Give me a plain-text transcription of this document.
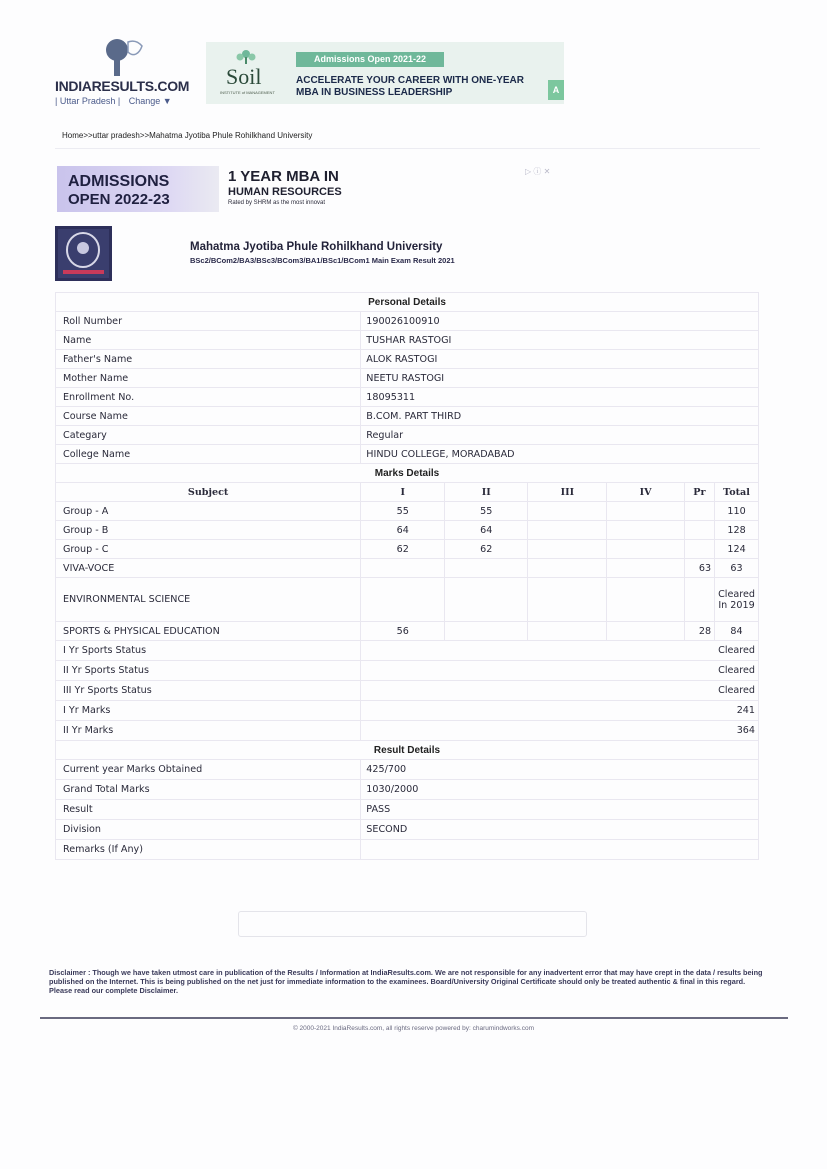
INDIARESULTS.COM
| Uttar Pradesh | Change ▼
Soil
INSTITUTE of MANAGEMENT
Admissions Open 2021-22
ACCELERATE YOUR CAREER WITH ONE-YEAR
MBA IN BUSINESS LEADERSHIP	A
Home>>uttar pradesh>>Mahatma Jyotiba Phule Rohilkhand University
ADMISSIONS
OPEN 2022-23
1 YEAR MBA IN
HUMAN RESOURCES
Rated by SHRM as the most innovat
▷ ⓘ ✕
Mahatma Jyotiba Phule Rohilkhand University
BSc2/BCom2/BA3/BSc3/BCom3/BA1/BSc1/BCom1 Main Exam Result 2021
Personal Details						
Roll Number	190026100910					
Name	TUSHAR RASTOGI					
Father's Name	ALOK RASTOGI					
Mother Name	NEETU RASTOGI					
Enrollment No.	18095311					
Course Name	B.COM. PART THIRD					
Categary	Regular					
College Name	HINDU COLLEGE, MORADABAD					
Marks Details						
Subject	I	II	III	IV	Pr	Total
Group - A	55	55				110
Group - B	64	64				128
Group - C	62	62				124
VIVA-VOCE					63	63
ENVIRONMENTAL SCIENCE						Cleared In 2019
SPORTS & PHYSICAL EDUCATION	56				28	84
I Yr Sports Status	Cleared					
II Yr Sports Status	Cleared					
III Yr Sports Status	Cleared					
I Yr Marks	241					
II Yr Marks	364					
Result Details						
Current year Marks Obtained	425/700					
Grand Total Marks	1030/2000					
Result	PASS					
Division	SECOND					
Remarks (If Any)						
Disclaimer : Though we have taken utmost care in publication of the Results / Information at IndiaResults.com. We are not responsible for any inadvertent error that may have crept in the data / results being published on the Internet. This is being published on the net just for immediate information to the examinees. Board/University Original Certificate should only be treated authentic & final in this regard. Please read our complete Disclaimer.
© 2000-2021 IndiaResults.com, all rights reserve powered by: charumindworks.com
